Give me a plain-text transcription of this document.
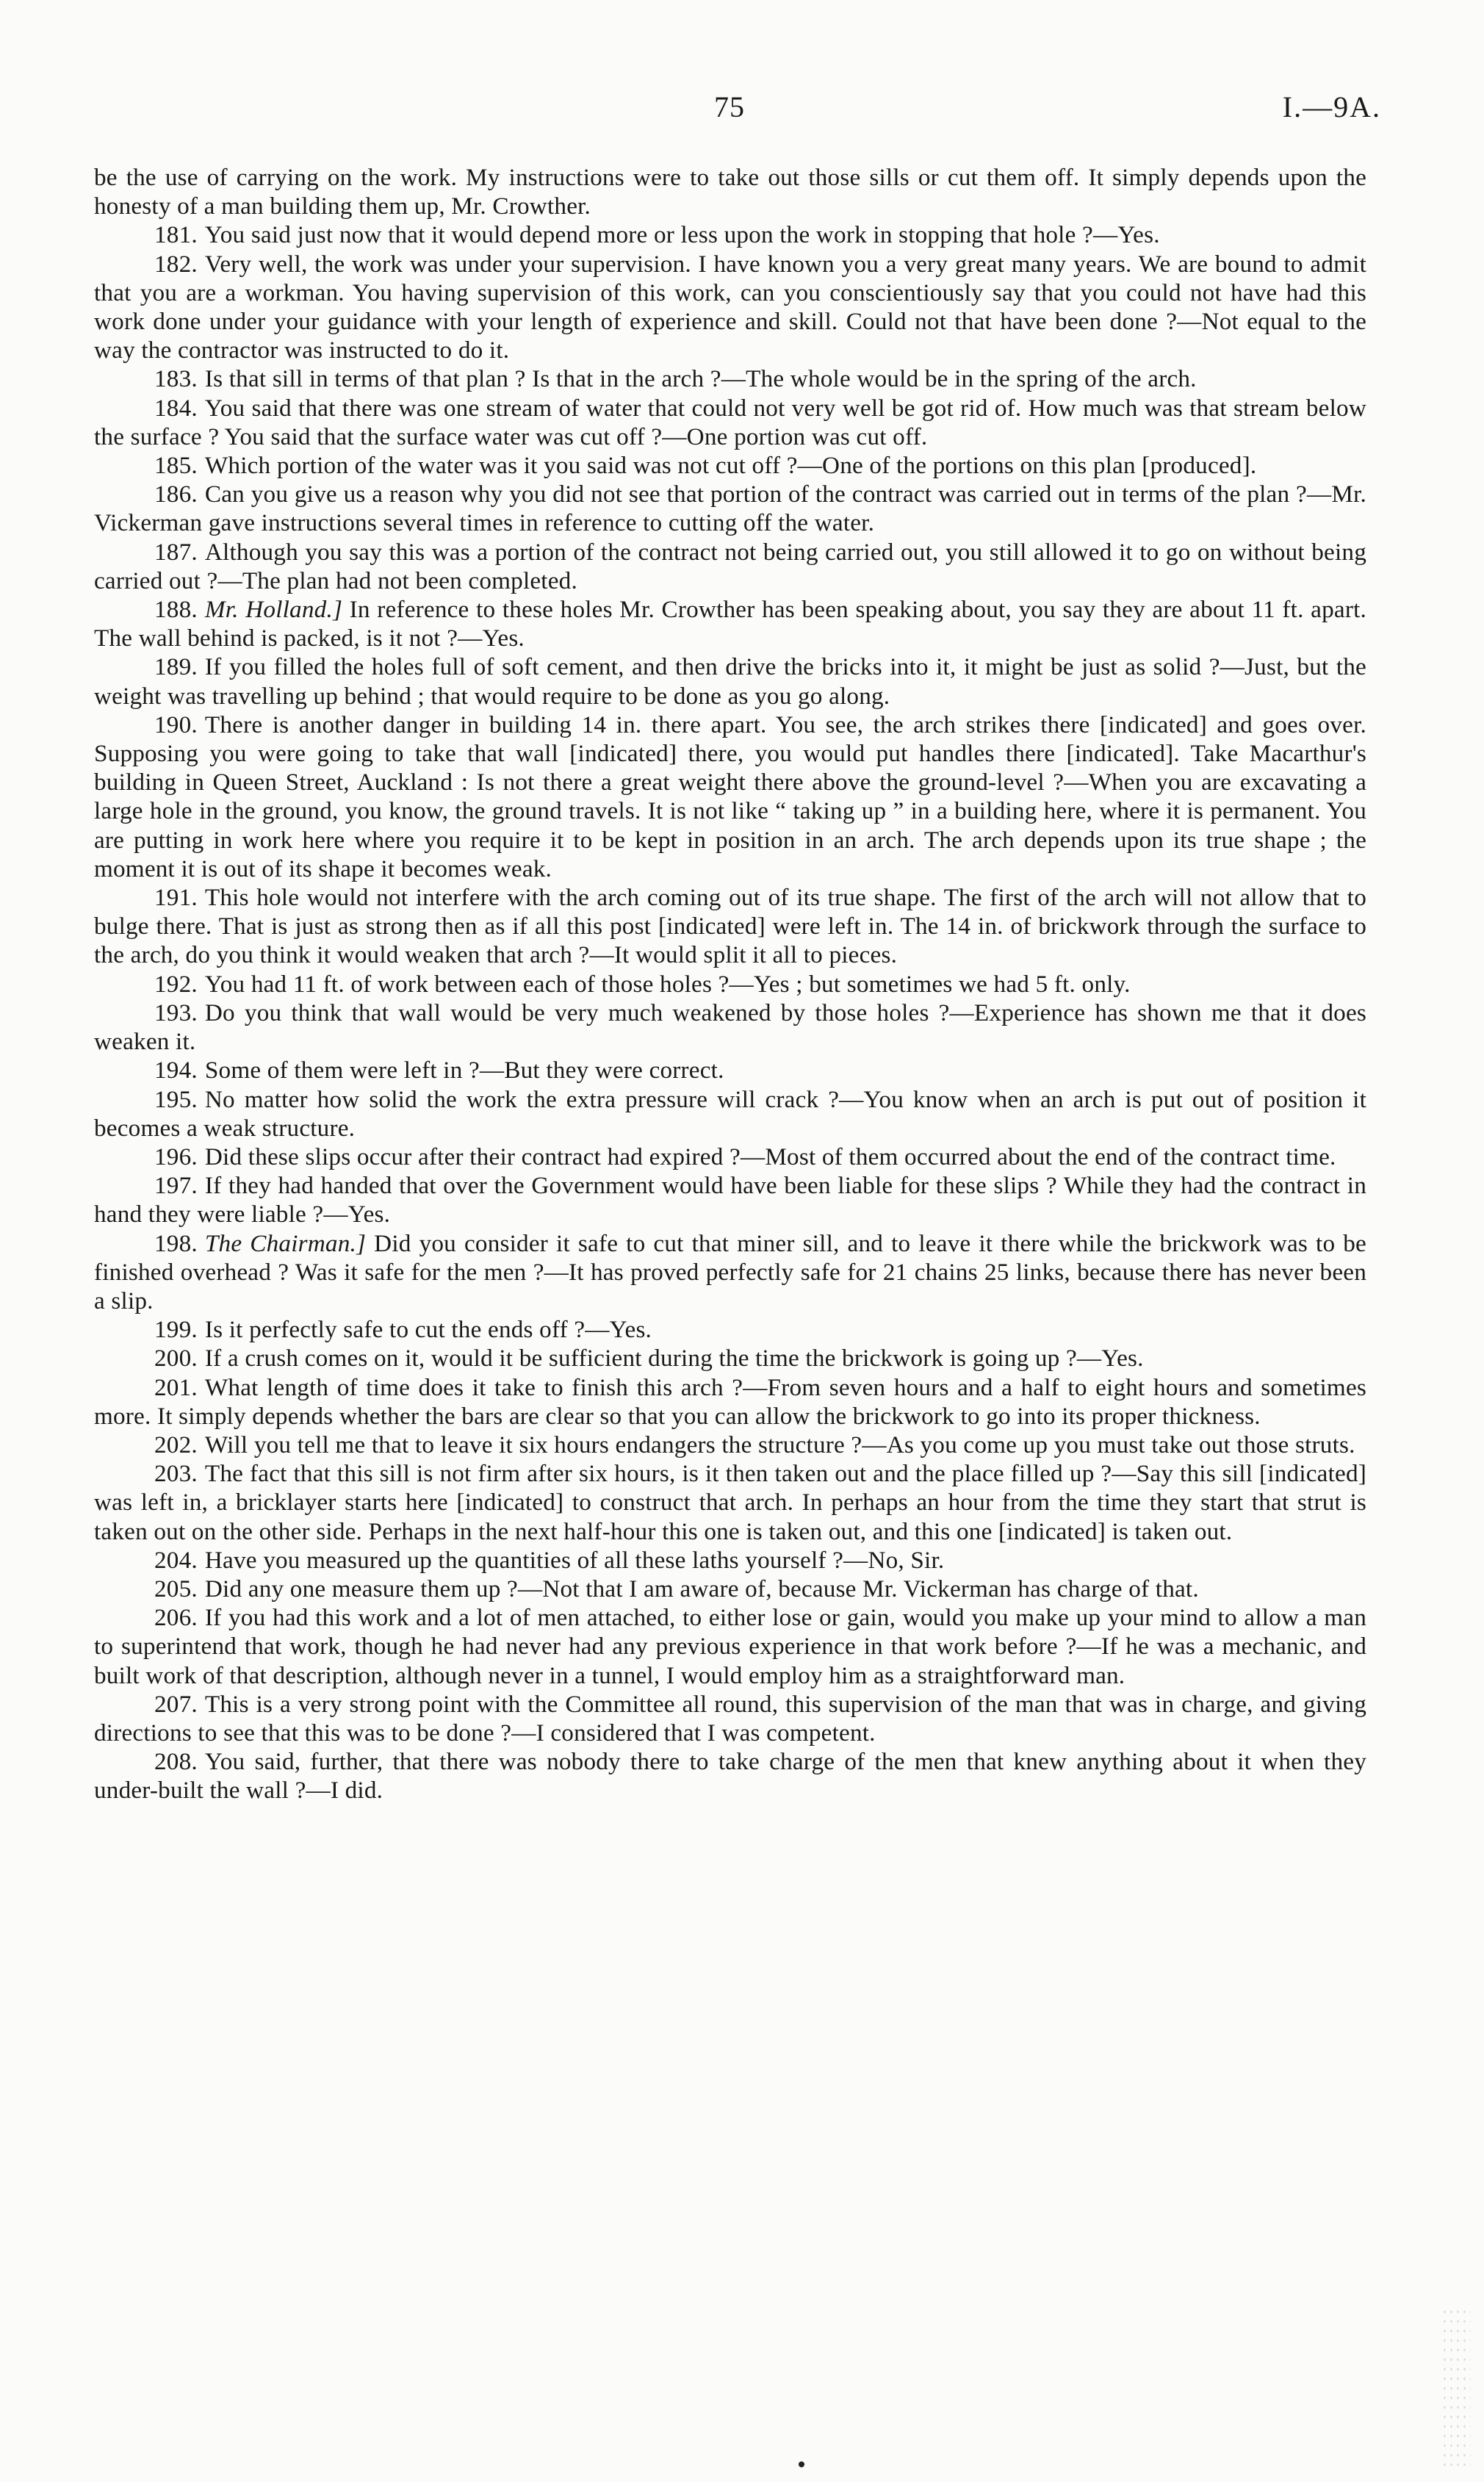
75	I.—9A.

be the use of carrying on the work. My instructions were to take out those sills or cut them off. It simply depends upon the honesty of a man building them up, Mr. Crowther.

181. You said just now that it would depend more or less upon the work in stopping that hole ?—Yes.

182. Very well, the work was under your supervision. I have known you a very great many years. We are bound to admit that you are a workman. You having supervision of this work, can you conscientiously say that you could not have had this work done under your guidance with your length of experience and skill. Could not that have been done ?—Not equal to the way the contractor was instructed to do it.

183. Is that sill in terms of that plan ? Is that in the arch ?—The whole would be in the spring of the arch.

184. You said that there was one stream of water that could not very well be got rid of. How much was that stream below the surface ? You said that the surface water was cut off ?—One portion was cut off.

185. Which portion of the water was it you said was not cut off ?—One of the portions on this plan [produced].

186. Can you give us a reason why you did not see that portion of the contract was carried out in terms of the plan ?—Mr. Vickerman gave instructions several times in reference to cutting off the water.

187. Although you say this was a portion of the contract not being carried out, you still allowed it to go on without being carried out ?—The plan had not been completed.

188. Mr. Holland.] In reference to these holes Mr. Crowther has been speaking about, you say they are about 11 ft. apart. The wall behind is packed, is it not ?—Yes.

189. If you filled the holes full of soft cement, and then drive the bricks into it, it might be just as solid ?—Just, but the weight was travelling up behind ; that would require to be done as you go along.

190. There is another danger in building 14 in. there apart. You see, the arch strikes there [indicated] and goes over. Supposing you were going to take that wall [indicated] there, you would put handles there [indicated]. Take Macarthur's building in Queen Street, Auckland : Is not there a great weight there above the ground-level ?—When you are excavating a large hole in the ground, you know, the ground travels. It is not like “ taking up ” in a building here, where it is permanent. You are putting in work here where you require it to be kept in position in an arch. The arch depends upon its true shape ; the moment it is out of its shape it becomes weak.

191. This hole would not interfere with the arch coming out of its true shape. The first of the arch will not allow that to bulge there. That is just as strong then as if all this post [indicated] were left in. The 14 in. of brickwork through the surface to the arch, do you think it would weaken that arch ?—It would split it all to pieces.

192. You had 11 ft. of work between each of those holes ?—Yes ; but sometimes we had 5 ft. only.

193. Do you think that wall would be very much weakened by those holes ?—Experience has shown me that it does weaken it.

194. Some of them were left in ?—But they were correct.

195. No matter how solid the work the extra pressure will crack ?—You know when an arch is put out of position it becomes a weak structure.

196. Did these slips occur after their contract had expired ?—Most of them occurred about the end of the contract time.

197. If they had handed that over the Government would have been liable for these slips ? While they had the contract in hand they were liable ?—Yes.

198. The Chairman.] Did you consider it safe to cut that miner sill, and to leave it there while the brickwork was to be finished overhead ? Was it safe for the men ?—It has proved perfectly safe for 21 chains 25 links, because there has never been a slip.

199. Is it perfectly safe to cut the ends off ?—Yes.

200. If a crush comes on it, would it be sufficient during the time the brickwork is going up ?—Yes.

201. What length of time does it take to finish this arch ?—From seven hours and a half to eight hours and sometimes more. It simply depends whether the bars are clear so that you can allow the brickwork to go into its proper thickness.

202. Will you tell me that to leave it six hours endangers the structure ?—As you come up you must take out those struts.

203. The fact that this sill is not firm after six hours, is it then taken out and the place filled up ?—Say this sill [indicated] was left in, a bricklayer starts here [indicated] to construct that arch. In perhaps an hour from the time they start that strut is taken out on the other side. Perhaps in the next half-hour this one is taken out, and this one [indicated] is taken out.

204. Have you measured up the quantities of all these laths yourself ?—No, Sir.

205. Did any one measure them up ?—Not that I am aware of, because Mr. Vickerman has charge of that.

206. If you had this work and a lot of men attached, to either lose or gain, would you make up your mind to allow a man to superintend that work, though he had never had any previous experience in that work before ?—If he was a mechanic, and built work of that description, although never in a tunnel, I would employ him as a straightforward man.

207. This is a very strong point with the Committee all round, this supervision of the man that was in charge, and giving directions to see that this was to be done ?—I considered that I was competent.

208. You said, further, that there was nobody there to take charge of the men that knew anything about it when they under-built the wall ?—I did.
